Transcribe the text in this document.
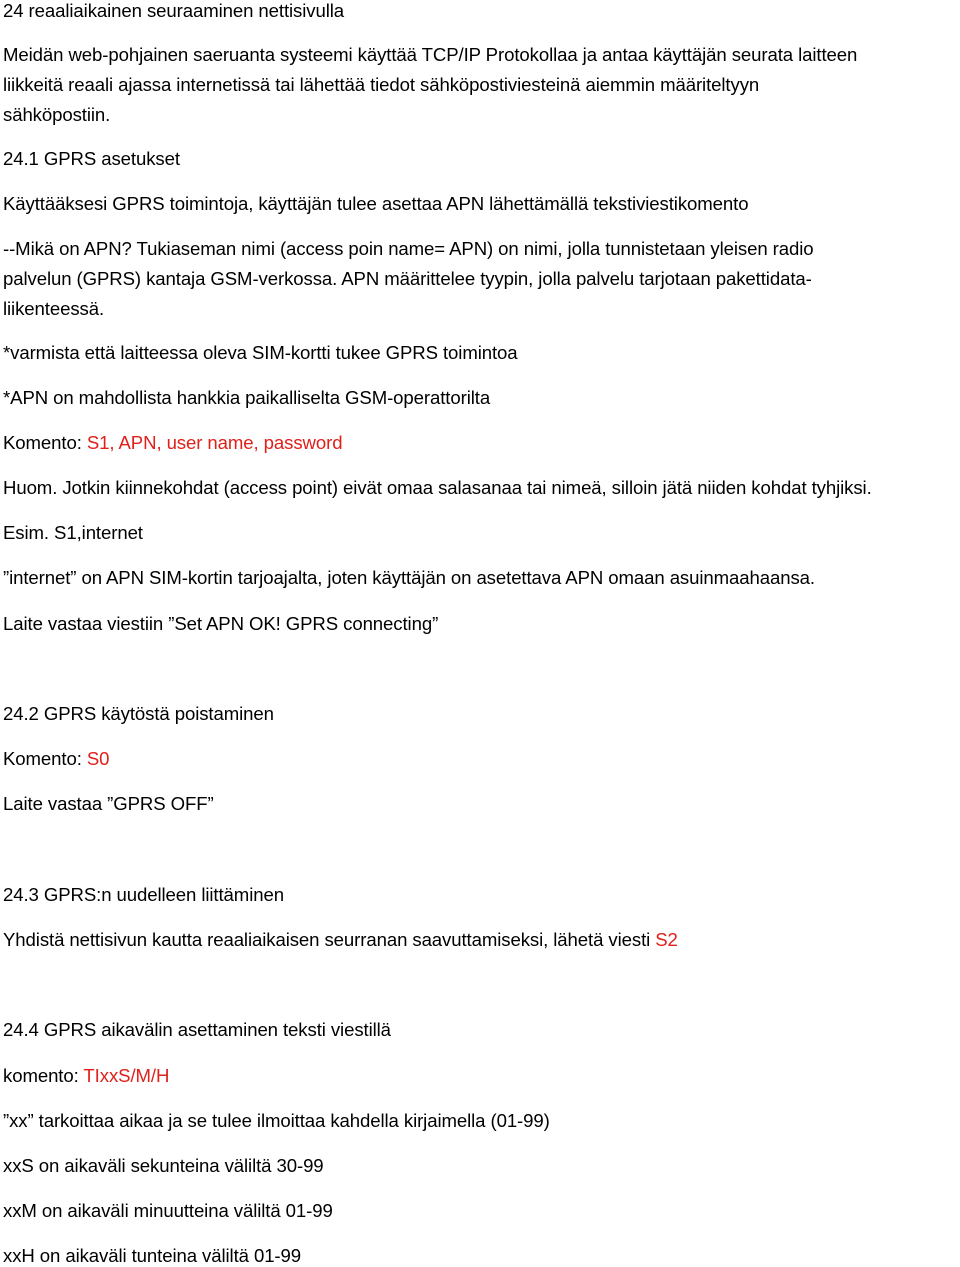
24 reaaliaikainen seuraaminen nettisivulla
Meidän web-pohjainen saeruanta systeemi käyttää TCP/IP Protokollaa ja antaa käyttäjän seurata laitteen
liikkeitä reaali ajassa internetissä tai lähettää tiedot sähköpostiviesteinä aiemmin määriteltyyn
sähköpostiin.
24.1 GPRS asetukset
Käyttääksesi GPRS toimintoja, käyttäjän tulee asettaa APN lähettämällä tekstiviestikomento
--Mikä on APN? Tukiaseman nimi (access poin name= APN) on nimi, jolla tunnistetaan yleisen radio
palvelun (GPRS) kantaja GSM-verkossa. APN määrittelee tyypin, jolla palvelu tarjotaan pakettidata-
liikenteessä.
*varmista että laitteessa oleva SIM-kortti tukee GPRS toimintoa
*APN on mahdollista hankkia paikalliselta GSM-operattorilta
Komento: S1, APN, user name, password
Huom. Jotkin kiinnekohdat (access point) eivät omaa salasanaa tai nimeä, silloin jätä niiden kohdat tyhjiksi.
Esim. S1,internet
”internet” on APN SIM-kortin tarjoajalta, joten käyttäjän on asetettava APN omaan asuinmaahaansa.
Laite vastaa viestiin ”Set APN OK! GPRS connecting”
24.2 GPRS käytöstä poistaminen
Komento: S0
Laite vastaa ”GPRS OFF”
24.3 GPRS:n uudelleen liittäminen
Yhdistä nettisivun kautta reaaliaikaisen seurranan saavuttamiseksi, lähetä viesti S2
24.4 GPRS aikavälin asettaminen teksti viestillä
komento: TIxxS/M/H
”xx” tarkoittaa aikaa ja se tulee ilmoittaa kahdella kirjaimella (01-99)
xxS on aikaväli sekunteina väliltä 30-99
xxM on aikaväli minuutteina väliltä 01-99
xxH on aikaväli tunteina väliltä 01-99
